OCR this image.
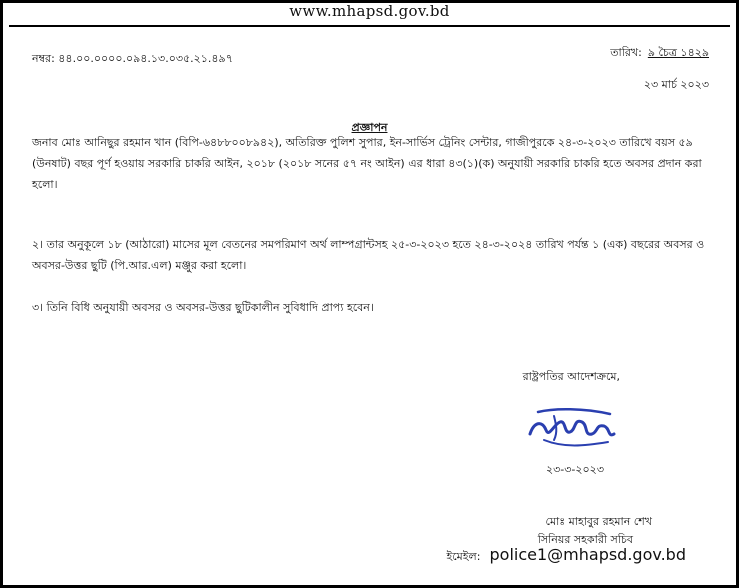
www.mhapsd.gov.bd
নম্বর: ৪৪.০০.০০০০.০৯৪.১৩.০৩৫.২১.৪৯৭	তারিখ: ৯ চৈত্র ১৪২৯
২৩ মার্চ ২০২৩
প্রজ্ঞাপন
জনাব মোঃ আনিছুর রহমান খান (বিপি-৬৪৮৮০০৮৯৪২), অতিরিক্ত পুলিশ সুপার, ইন-সার্ভিস ট্রেনিং সেন্টার, গাজীপুরকে ২৪-৩-২০২৩ তারিখে বয়স ৫৯ (উনষাট) বছর পূর্ণ হওয়ায় সরকারি চাকরি আইন, ২০১৮ (২০১৮ সনের ৫৭ নং আইন) এর ধারা ৪৩(১)(ক) অনুযায়ী সরকারি চাকরি হতে অবসর প্রদান করা হলো।
২। তার অনুকূলে ১৮ (আঠারো) মাসের মূল বেতনের সমপরিমাণ অর্থ লাম্পগ্রান্টসহ ২৫-৩-২০২৩ হতে ২৪-৩-২০২৪ তারিখ পর্যন্ত ১ (এক) বছরের অবসর ও অবসর-উত্তর ছুটি (পি.আর.এল) মঞ্জুর করা হলো।
৩। তিনি বিধি অনুযায়ী অবসর ও অবসর-উত্তর ছুটিকালীন সুবিধাদি প্রাপ্য হবেন।
রাষ্ট্রপতির আদেশক্রমে,
২৩-৩-২০২৩
মোঃ মাহাবুর রহমান শেখ
সিনিয়র সহকারী সচিব
ইমেইল: police1@mhapsd.gov.bd
